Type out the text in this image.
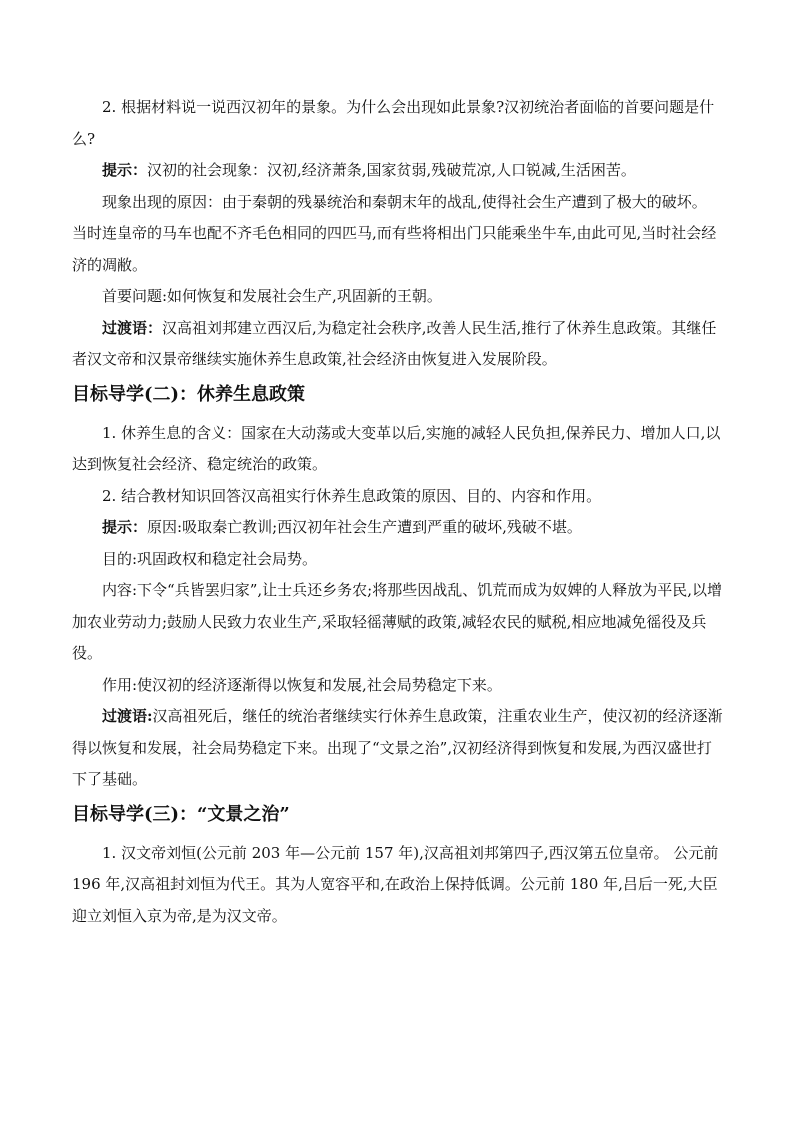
2. 根据材料说一说西汉初年的景象。为什么会出现如此景象?汉初统治者面临的首要问题是什么?

提示：汉初的社会现象：汉初,经济萧条,国家贫弱,残破荒凉,人口锐减,生活困苦。

现象出现的原因：由于秦朝的残暴统治和秦朝末年的战乱,使得社会生产遭到了极大的破坏。 当时连皇帝的马车也配不齐毛色相同的四匹马,而有些将相出门只能乘坐牛车,由此可见,当时社会经济的凋敝。

首要问题:如何恢复和发展社会生产,巩固新的王朝。

过渡语：汉高祖刘邦建立西汉后,为稳定社会秩序,改善人民生活,推行了休养生息政策。其继任者汉文帝和汉景帝继续实施休养生息政策,社会经济由恢复进入发展阶段。

目标导学(二)：休养生息政策

1. 休养生息的含义：国家在大动荡或大变革以后,实施的减轻人民负担,保养民力、增加人口,以达到恢复社会经济、稳定统治的政策。

2. 结合教材知识回答汉高祖实行休养生息政策的原因、目的、内容和作用。

提示：原因:吸取秦亡教训;西汉初年社会生产遭到严重的破坏,残破不堪。

目的:巩固政权和稳定社会局势。

内容:下令“兵皆罢归家”,让士兵还乡务农;将那些因战乱、饥荒而成为奴婢的人释放为平民,以增加农业劳动力;鼓励人民致力农业生产,采取轻徭薄赋的政策,减轻农民的赋税,相应地减免徭役及兵役。

作用:使汉初的经济逐渐得以恢复和发展,社会局势稳定下来。

过渡语:汉高祖死后，继任的统治者继续实行休养生息政策，注重农业生产，使汉初的经济逐渐得以恢复和发展，社会局势稳定下来。出现了“文景之治”,汉初经济得到恢复和发展,为西汉盛世打下了基础。

目标导学(三)：“文景之治”

1. 汉文帝刘恒(公元前 203 年—公元前 157 年),汉高祖刘邦第四子,西汉第五位皇帝。 公元前 196 年,汉高祖封刘恒为代王。其为人宽容平和,在政治上保持低调。公元前 180 年,吕后一死,大臣迎立刘恒入京为帝,是为汉文帝。
